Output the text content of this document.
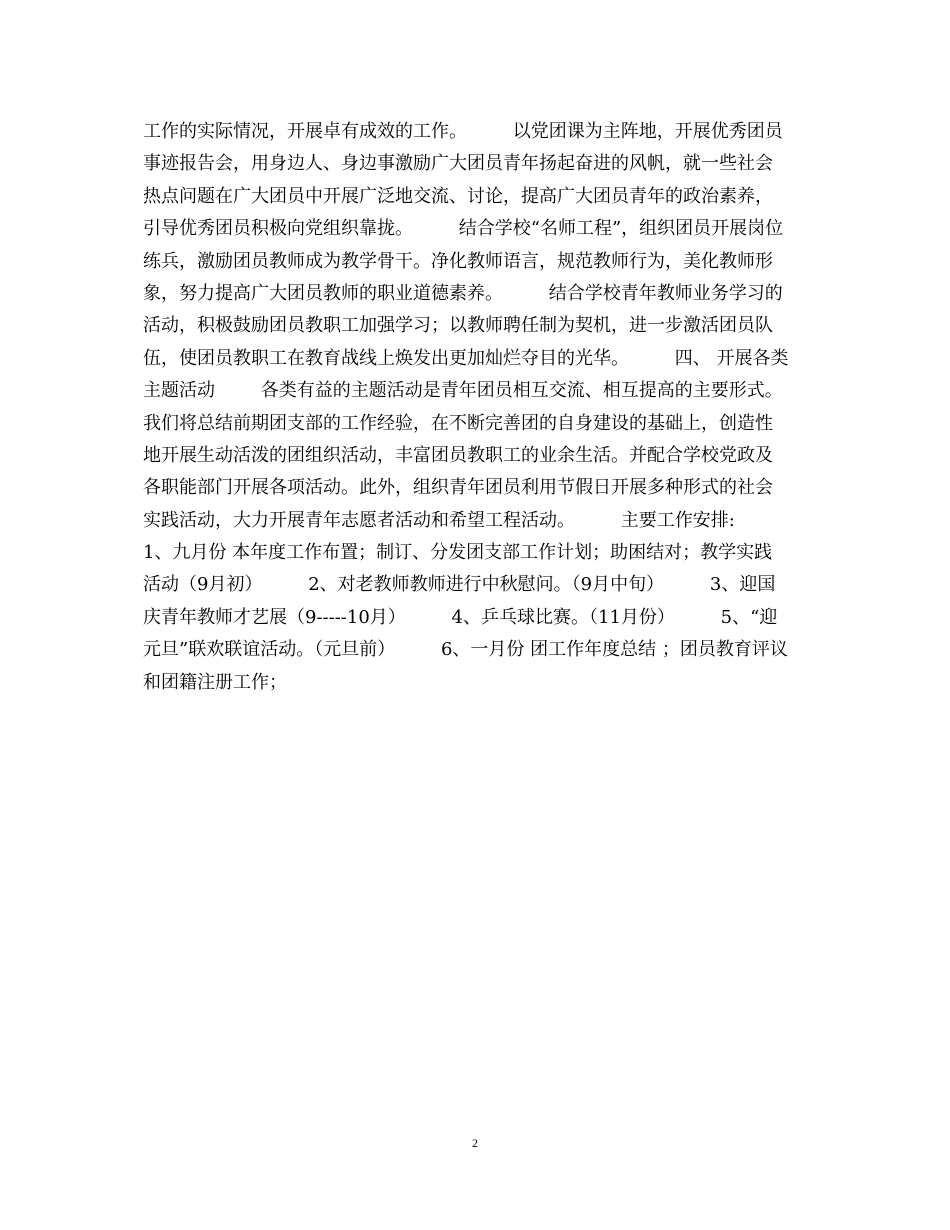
工作的实际情况，开展卓有成效的工作。        以党团课为主阵地，开展优秀团员
事迹报告会，用身边人、身边事激励广大团员青年扬起奋进的风帆，就一些社会
热点问题在广大团员中开展广泛地交流、讨论，提高广大团员青年的政治素养，
引导优秀团员积极向党组织靠拢。        结合学校“名师工程”，组织团员开展岗位
练兵，激励团员教师成为教学骨干。净化教师语言，规范教师行为，美化教师形
象，努力提高广大团员教师的职业道德素养。        结合学校青年教师业务学习的
活动，积极鼓励团员教职工加强学习；以教师聘任制为契机，进一步激活团员队
伍，使团员教职工在教育战线上焕发出更加灿烂夺目的光华。        四、 开展各类
主题活动        各类有益的主题活动是青年团员相互交流、相互提高的主要形式。
我们将总结前期团支部的工作经验，在不断完善团的自身建设的基础上，创造性
地开展生动活泼的团组织活动，丰富团员教职工的业余生活。并配合学校党政及
各职能部门开展各项活动。此外，组织青年团员利用节假日开展多种形式的社会
实践活动，大力开展青年志愿者活动和希望工程活动。        主要工作安排:
1、九月份 本年度工作布置；制订、分发团支部工作计划；助困结对；教学实践
活动（9月初）        2、对老教师教师进行中秋慰问。（9月中旬）        3、迎国
庆青年教师才艺展（9-----10月）        4、乒乓球比赛。（11月份）        5、“迎
元旦”联欢联谊活动。（元旦前）        6、一月份 团工作年度总结 ；团员教育评议
和团籍注册工作；
2
